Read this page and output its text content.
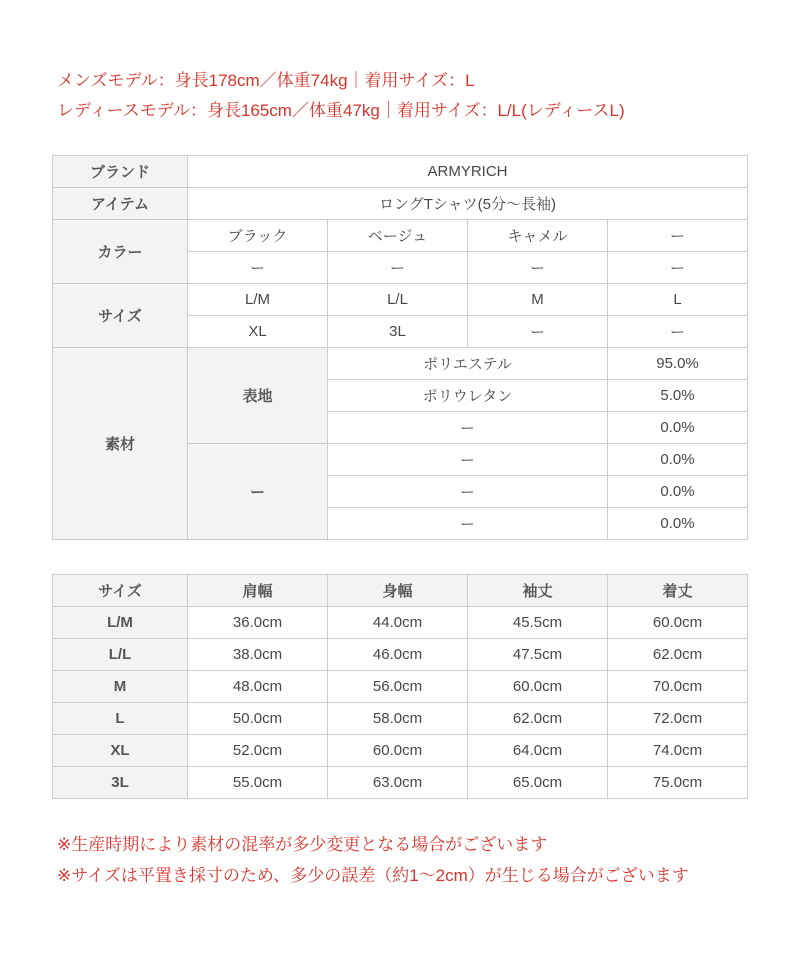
メンズモデル：身長178cm／体重74kg｜着用サイズ：L
レディースモデル：身長165cm／体重47kg｜着用サイズ：L/L(レディースL)
ブランド	ARMYRICH			
アイテム	ロングTシャツ(5分～長袖)			
カラー	ブラック	ベージュ	キャメル	ー
	ー	ー	ー	ー
サイズ	L/M	L/L	M	L
	XL	3L	ー	ー
素材	表地	ポリエステル		95.0%
		ポリウレタン		5.0%
		ー		0.0%
	ー	ー		0.0%
		ー		0.0%
		ー		0.0%
サイズ	肩幅	身幅	袖丈	着丈
L/M	36.0cm	44.0cm	45.5cm	60.0cm
L/L	38.0cm	46.0cm	47.5cm	62.0cm
M	48.0cm	56.0cm	60.0cm	70.0cm
L	50.0cm	58.0cm	62.0cm	72.0cm
XL	52.0cm	60.0cm	64.0cm	74.0cm
3L	55.0cm	63.0cm	65.0cm	75.0cm
※生産時期により素材の混率が多少変更となる場合がございます
※サイズは平置き採寸のため、多少の誤差（約1～2cm）が生じる場合がございます
